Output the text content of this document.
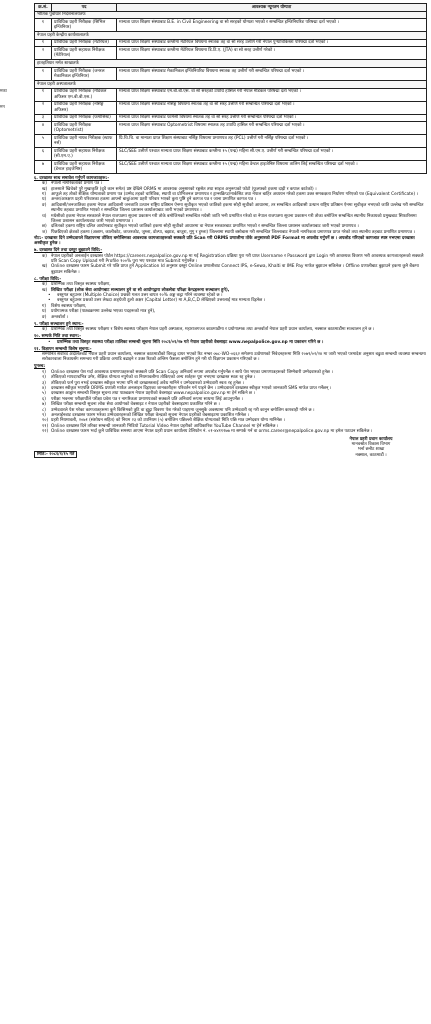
मका
मन
क्र.सं.	पद	आवश्यक न्यूनतम योग्यता
भौतिक पुर्वाधार निर्देशनालयतर्फ		
१	प्राविधिक प्रहरी निरीक्षक (सिभिल इन्जिनियर)	मान्यता प्राप्त शिक्षण संस्थाबाट B.E. in Civil Engineering वा सो सरहको योग्यता भएको र सम्बन्धित इन्जिनियरिङ परिषद्मा दर्ता भएको ।
नेपाल प्रहरी केन्द्रीय कार्यशालातर्फ		
१	प्राविधिक प्रहरी निरीक्षक (मेटेरियल)	मान्यता प्राप्त शिक्षण संस्थाबाट कम्तीमा मेटेरियल विषयमा स्नातक तह वा सो सरह उत्तीर्ण गरी नेपाल पुर्‍याविकिस्ता परिषद्मा दर्ता भएको ।
२	प्राविधिक प्रहरी सहायक निरीक्षक (मेटेरियल)	मान्यता प्राप्त शिक्षण संस्थाबाट कम्तीमा मेटेरियल विषयमा डि.टि.ए. (JTA) वा सो सरह उत्तीर्ण गरेको ।
हातहतियार मर्मत शाखातर्फ		
१	प्राविधिक प्रहरी निरीक्षक (जनरल मेकानिकल इन्जिनियर)	मान्यता प्राप्त शिक्षण संस्थाबाट मेकानिकल इन्जिनियरिङ विषयमा स्नातक तह उत्तीर्ण गरी सम्बन्धित परिषद्मा दर्ता भएको ।
नेपाल प्रहरी अस्पतालतर्फ		
१	प्राविधिक प्रहरी निरीक्षक (मेडिकल अफिसर एम.बी.बी.एस.)	मान्यता प्राप्त शिक्षण संस्थाबाट एम.बी.बी.एस. वा सो सरहको उपाधि हासिल गरी नेपाल मेडिकल परिषद्मा दर्ता भएको ।
२	प्राविधिक प्रहरी निरीक्षक (नर्सिङ्ग अफिसर)	मान्यता प्राप्त शिक्षण संस्थाबाट नर्सिङ्ग विषयमा स्नातक तह वा सो सरह उत्तीर्ण गरी सम्बन्धित परिषद्मा दर्ता भएको ।
३	प्राविधिक प्रहरी निरीक्षक (फर्मासिस्ट)	मान्यता प्राप्त शिक्षण संस्थाबाट फार्मेसी विषयमा स्नातक तह वा सो सरह उत्तीर्ण गरी सम्बन्धित परिषद्मा दर्ता भएको ।
४	प्राविधिक प्रहरी निरीक्षक (Optometrist)	मान्यता प्राप्त शिक्षण संस्थाबाट Optometrist विषयमा स्नातक तह उपाधि हासिल गरी सम्बन्धित परिषद्मा दर्ता भएको ।
५	प्राविधिक प्रहरी नायब निरीक्षक (स्टाफ नर्स)	प्रि.चि.चि. वा मान्यता प्राप्त शिक्षण संस्थाबाट नर्सिङ्ग विषयमा प्रमाणपत्र तह (PCL) उत्तीर्ण गरी नर्सिङ्ग परिषद्मा दर्ता भएको ।
६	प्राविधिक प्रहरी सहायक निरीक्षक (सी.एम.ए.)	SLC/SEE उत्तीर्ण पश्चात मान्यता प्राप्त शिक्षण संस्थाबाट कम्तीमा १५ (पन्ध्र) महिना सी.एम.ए. उत्तीर्ण गरी सम्बन्धित परिषद्मा दर्ता भएको ।
७	प्राविधिक प्रहरी सहायक निरीक्षक (डेन्टल हाइजेनिष्ट)	SLC/SEE उत्तीर्ण पश्चात मान्यता प्राप्त शिक्षण संस्थाबाट कम्तीमा १५ (पन्ध्र) महिना डेन्टल हाइजेनिष्ट विषयमा तालिम लिई सम्बन्धित परिषद्मा दर्ता भएको ।
६. दरखास्त साथ समावेश गर्नुपर्ने कागजातहरू:-
क) नेपाली नागरिकताको प्रमाण पत्र ।
ख) हालसालै खिचेको पुरै मुखाकृति (दुवै कान समेत) प्रष्ट देखिने ORMS मा आवश्यक अनुसारको रङ्गसेत तथा साइज अनुरूपको फोटो (फुलफ्को हकमा दाह्री र कपाल काटेको) ।
ग)	आफूले तह तोको शैक्षिक योग्यताको प्रमाण पत्र (उम्मेद तहको चारित्रिक, स्थायी वा प्रोभिजनल प्रमाणपत्र र ट्रान्सक्रिप्ट/मार्कसिट तथा नेपाल बाहिर अध्ययन गरेको हकमा उक्त समकक्षता निर्धारण गरिएको पत्र (Equivalent Certificate) ।
घ)	अन्तर/आरक्षण प्रहरी परिवारका हकमा आफ्नो बाबु/आमा प्रहरी परिवार भएको कुरा पुष्टि हुने कागज पत्र र जाना प्रमाणित कागज पत्र ।
ङ)	आदिवासी/जनजातिका हकमा नेपाल आदिवासी जनजाति उत्थान राष्ट्रिय प्रतिष्ठान ऐनमा सूचीकृत भएको जातिको हकमा सोही सूचीको आधारमा, तर सम्बन्धित आदिवासी उत्थान राष्ट्रिय प्रतिष्ठान ऐनमा सूचीकृत नभएको जाति उल्लेख गरी सम्बन्धित स्थानीय तहबाट प्रमाणित भएको र सम्बन्धित जिल्ला प्रशासन कार्यालयबाट जारी भएको प्रमाणपत्र ।
च)	मधेसीको हकमा नेपाल सरकारले नेपाल राजपत्रमा सूचना प्रकाशन गरी तोके बमोजिमको सम्बन्धित मधेसी जाति भनी प्रमाणित गरेको वा नेपाल राजपत्रमा सूचना प्रकाशन गरी तोका बमोजिम सम्बन्धित स्थानीय निकायको प्रमुखबाट सिफारिसमा जिल्ला प्रशासन कार्यालयबाट जारी भएको प्रमाणपत्र ।
छ) दलितको हकमा राष्ट्रिय दलित आयोगबाट सूचीकृत भएको जातिको हकमा सोही सूचीको आधारमा वा नेपाल सरकारबाट प्रमाणित भएको र सम्बन्धित जिल्ला प्रशासन कार्यालयबाट जारी भएको प्रमाणपत्र ।
ज) पिछडिएको क्षेत्रको हकमा (अछाम, कालीकोट, जाजरकोट, जुम्ला, डोल्पा, बझाङ, बाजुरा, मुगु र हुम्ला) जिल्लामा स्थायी बसोबास गरी सम्बन्धित जिल्लाबाट नेपाली नागरिकता प्रमाणपत्र प्राप्त गरेको तथा स्थानीय तहबाट प्रमाणित प्रमाणपत्र ।
नोट:- दरखास्त दिने उम्मेदवारले विज्ञापनमा तोकिए बमोजिमका आवश्यक कागजातहरूको सक्कलै प्रति Scan गरी ORMS प्रणालीमा तोके अनुसारको PDF Format मा अपलोड गर्नुपर्ने छ । अपलोड गरिएको कागजात स्पष्ट नभएमा दरखास्त अस्वीकृत हुनेछ ।
७. दरखास्त दिने तथा दस्तुर बुझाउने विधि:-
क) नेपाल प्रहरीको अनलाईन दरखास्त पोर्टल https://careers.nepalpolice.gov.np मा गई Registration प्रक्रिया पुरा गरी प्राप्त Username र Password द्वारा Login गरी आवश्यक विवरण भरी आवश्यक कागजातहरूको सक्कलै प्रति Scan Copy Upload गरी Profile १००% पुरा भए पश्चात मात्र Submit गर्नुपर्नेछ ।
ख) Online दरखास्त फारम Submit गरे पछि प्राप्त हुने Application Id अनुसार दस्तुर Online प्रणालीबाट Connect IPS, e-Sewa, Khalti वा IME Pay मार्फत बुझाउन सकिनेछ । Offline प्रणालीबाट बुझाउने हकमा कुनै बैंकमा बुझाउन सकिनेछ ।
८. परीक्षा विधि:-
क) प्रारम्भिक तथा विस्तृत स्वास्थ्य परीक्षण,
ख) लिखित परीक्षा (लोक सेवा आयोगबाट सञ्चालन हुने वा सो आयोगद्वारा लोकसेवा परिक्षा केन्द्रहरूमा सञ्चालन हुने),
•	वस्तुगत बहुउत्तर (Multiple Choice) प्रश्नको गलत उत्तर बापत २०% अङ्क कट्टा गरिने व्यवस्था रहेको छ ।
•	वस्तुगत बहुउत्तर प्रश्नको उत्तर लेख्दा अङ्ग्रेजी ठूलो अक्षर (Capital Letter) मा A,B,C,D लेखिएको उत्तरलाई मात्र मान्यता दिइनेछ ।
ग)	विशेष स्वास्थ्य परीक्षण,
घ)	प्रयोगात्मक परीक्षा (पाठ्यक्रममा उल्लेख भएका पदहरूको मात्र हुने),
ङ)	अन्तर्वार्ता ।
९. परीक्षा सञ्चालन हुने स्थान:-
क) प्रारम्भिक तथा विस्तृत स्वास्थ्य परीक्षण र विशेष स्वास्थ्य परीक्षण नेपाल प्रहरी अस्पताल, महाराजगञ्ज काठमाडौंमा र प्रयोगात्मक तथा अन्तर्वार्ता नेपाल प्रहरी प्रधान कार्यालय, नक्साल काठमाडौंमा सञ्चालन हुने छ ।
१०. सम्पर्क मिति तथा स्थान:-
•	प्रारम्भिक तथा विस्तृत स्वास्थ्य परीक्षा तालिका सम्बन्धी सूचना मिति २०८१/०१/२७ गते नेपाल प्रहरीको वेबसाइट www.nepalpolice.gov.np मा प्रकाशन गरिने छ ।
११. विज्ञापन सम्बन्धी विशेष सूचना:-
सम्मानित सर्वोच्च अदालतबाट नेपाल प्रहरी प्रधान कार्यालय, नक्साल काठमाडौंको विरुद्ध दायर भएको रिट नम्बर ०७८-WO-०६६२ समेतमा उत्प्रेषणको निवेदनहरूमा मिति २०७९/०२/२४ मा जारी भएको परमादेश अनुसार बढुवा सम्बन्धी व्यवस्था सम्बन्धमा सरोकारवाला निकायसँग समन्वय गरी प्रक्रिया अगाडि बढाइने र उक्त रिटको अन्तिम फैसला बमोजिम हुने गरी यो विज्ञापन प्रकाशन गरिएको छ ।
पुनश्च:
१)	Online दरखास्त पेश गर्दा आवश्यक प्रमाणपत्रहरूको सक्कलै प्रति Scan Copy अनिवार्य रूपमा अपलोड गर्नुपर्नेछ र साथै पेश भएका प्रमाणपत्रहरूको जिम्मेवारी उम्मेदवारको हुनेछ ।
२)	तोकिएको मापदण्डभित्र उमेर, शैक्षिक योग्यता नपुगेको वा नियमावलीमा तोकिएको अन्य शर्तहरू पूरा नभएमा दरखास्त स्वतः रद्द हुनेछ ।
३)	तोकिएको फर्म पुरा नभई दरखास्त स्वीकृत भएमा पनि सो दरखास्तलाई अवैध मानिने र उम्मेदवारको उम्मेदवारी स्वतः रद्द हुनेछ ।
४)	दरखास्त स्वीकृत भएपछि ORMS प्रणाली मार्फत अनलाइन दिइएका जानकारीहरू परिवर्तन गर्न पाइने छैन । उम्मेदवारले दरखास्त स्वीकृत भएको जानकारी SMS मार्फत प्राप्त गर्नेछन् ।
५)	दरखास्त आह्वान सम्बन्धी विस्तृत सूचना तथा पाठ्यक्रम नेपाल प्रहरीको वेबसाइट www.nepalpolice.gov.np मा हेर्न सकिने छ ।
६)	परीक्षा भवनमा परीक्षार्थीले परीक्षा प्रवेश पत्र र नागरिकता प्रमाणपत्रको सक्कलै प्रति अनिवार्य रूपमा साथमा लिई आउनुपर्नेछ ।
७)	लिखित परीक्षा सम्बन्धी सूचना लोक सेवा आयोगको वेबसाइट र नेपाल प्रहरीको वेबसाइटमा प्रकाशित गरिने छ ।
८)	उम्मेदवारले पेश गरेका कागजातहरूमा कुनै किसिमको त्रुटि वा झुट्टा विवरण पेश गरेको पाइएमा जुनसुकै अवस्थामा पनि उम्मेदवारी रद्द गरी कानुन बमोजिम कारबाही गरिने छ ।
९)	अनलाईनबाट दरखास्त फारम भरेका उम्मेदवारहरूको लिखित परीक्षा केन्द्रको सूचना नेपाल प्रहरीको वेबसाइटमा प्रकाशित गरिनेछ ।
१०) प्रहरी नियमावली, २०७१ (संशोधन सहित) को नियम २३ को उपनियम (५) बमोजिम पछिल्लो शैक्षिक योग्यताको मिति पछि मात्र उम्मेदवार योग्य मानिनेछ ।
११) Online दरखास्त दिने तरिका सम्बन्धी जानकारी भिडियो Tutorial Video नेपाल प्रहरीको आधिकारिक YouTube Channel मा हेर्न सकिनेछ ।
१२) Online दरखास्त फारम भर्दा कुनै प्राविधिक समस्या आएमा नेपाल प्रहरी प्रधान कार्यालय टेलिफोन नं. ०१-४४११२७७ मा सम्पर्क गर्न वा orms.career@nepalpolice.gov.np मा इमेल पठाउन सकिनेछ ।
मिति:- २०८१/१/१५ गते
नेपाल प्रहरी प्रधान कार्यालय
मानवश्रोत विकास विभाग
भर्ना छनौट शाखा
नक्साल, काठमाडौं ।
